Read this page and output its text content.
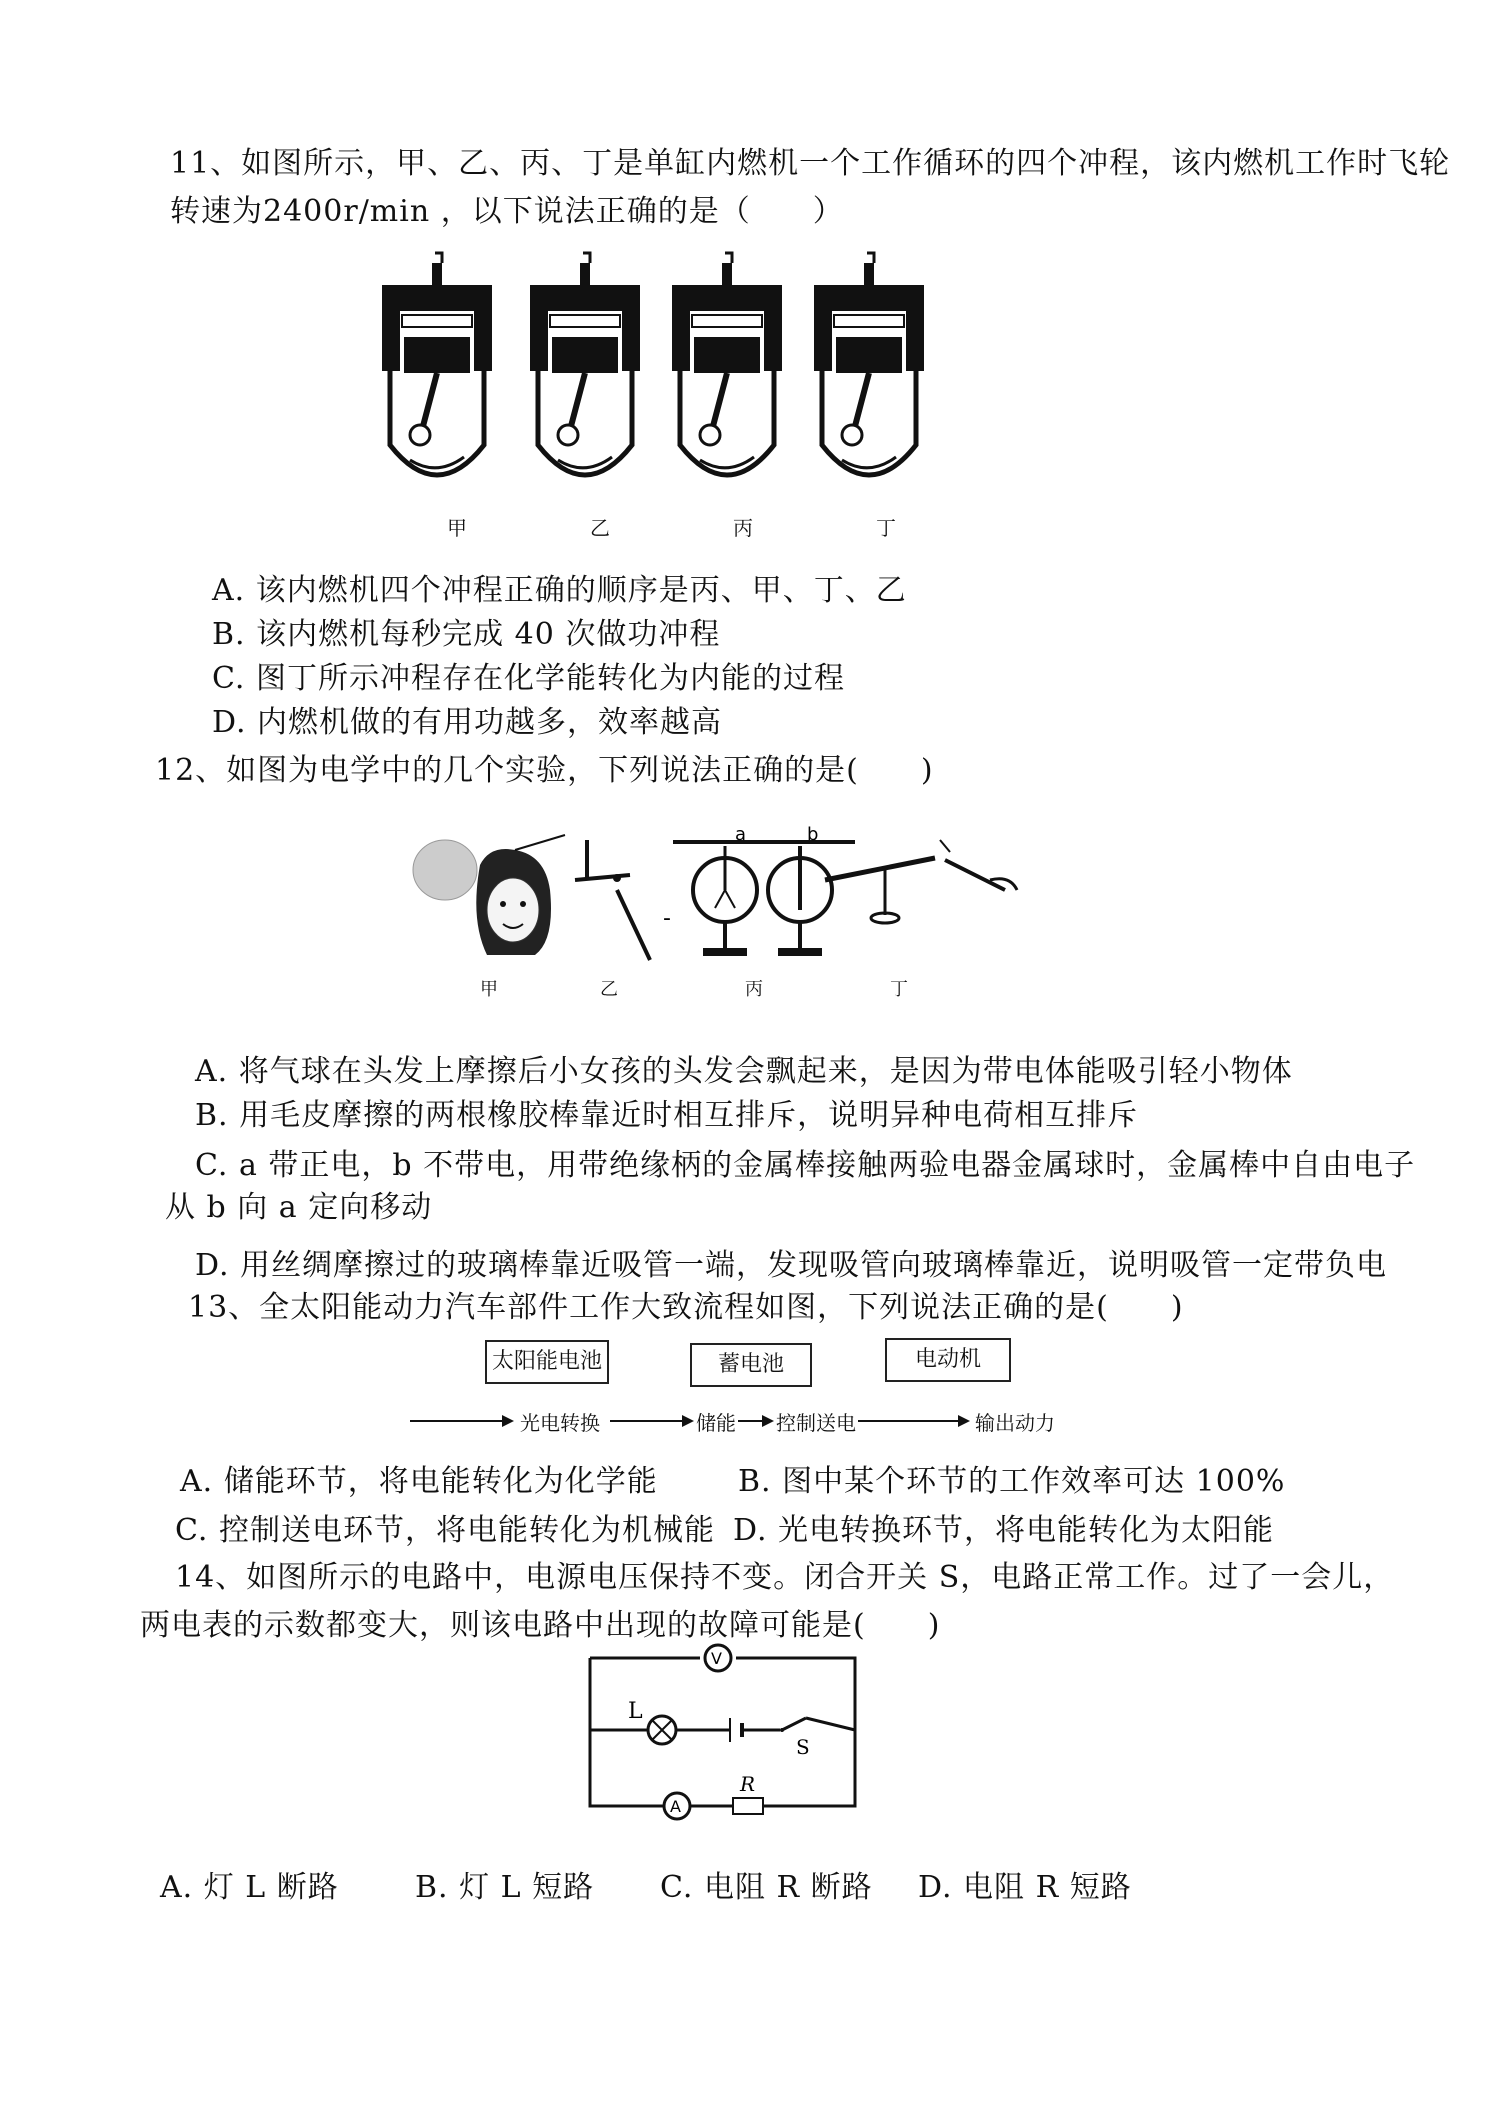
11、如图所示，甲、乙、丙、丁是单缸内燃机一个工作循环的四个冲程，该内燃机工作时飞轮
转速为2400r/min ，以下说法正确的是（　　）
甲	乙	丙	丁
A. 该内燃机四个冲程正确的顺序是丙、甲、丁、乙
B. 该内燃机每秒完成 40 次做功冲程
C. 图丁所示冲程存在化学能转化为内能的过程
D. 内燃机做的有用功越多，效率越高
12、如图为电学中的几个实验，下列说法正确的是(　　)
-
a	b
甲	乙	丙	丁
A. 将气球在头发上摩擦后小女孩的头发会飘起来，是因为带电体能吸引轻小物体
B. 用毛皮摩擦的两根橡胶棒靠近时相互排斥，说明异种电荷相互排斥
C. a 带正电，b 不带电，用带绝缘柄的金属棒接触两验电器金属球时，金属棒中自由电子
从 b 向 a 定向移动
D. 用丝绸摩擦过的玻璃棒靠近吸管一端，发现吸管向玻璃棒靠近，说明吸管一定带负电
13、全太阳能动力汽车部件工作大致流程如图，下列说法正确的是(　　)
太阳能电池	蓄电池	电动机
光电转换	储能 控制送电	输出动力
A. 储能环节，将电能转化为化学能	B. 图中某个环节的工作效率可达 100%
C. 控制送电环节，将电能转化为机械能 D. 光电转换环节，将电能转化为太阳能
14、如图所示的电路中，电源电压保持不变。闭合开关 S，电路正常工作。过了一会儿，
两电表的示数都变大，则该电路中出现的故障可能是(　　)
V
L
S
A
R
A. 灯 L 断路	B. 灯 L 短路 C. 电阻 R 断路 D. 电阻 R 短路
